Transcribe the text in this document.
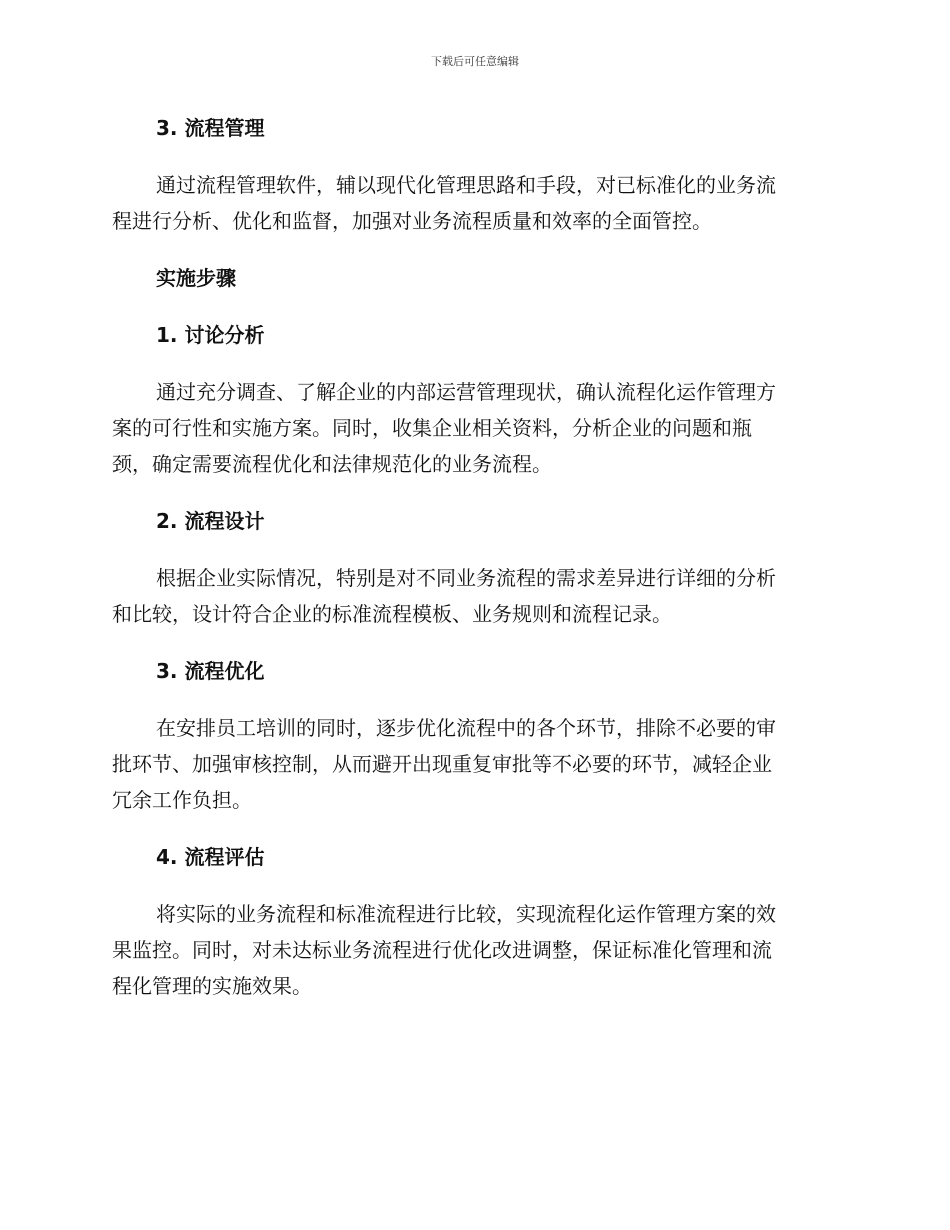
下载后可任意编辑
3. 流程管理
通过流程管理软件，辅以现代化管理思路和手段，对已标准化的业务流
程进行分析、优化和监督，加强对业务流程质量和效率的全面管控。
实施步骤
1. 讨论分析
通过充分调查、了解企业的内部运营管理现状，确认流程化运作管理方
案的可行性和实施方案。同时，收集企业相关资料，分析企业的问题和瓶
颈，确定需要流程优化和法律规范化的业务流程。
2. 流程设计
根据企业实际情况，特别是对不同业务流程的需求差异进行详细的分析
和比较，设计符合企业的标准流程模板、业务规则和流程记录。
3. 流程优化
在安排员工培训的同时，逐步优化流程中的各个环节，排除不必要的审
批环节、加强审核控制，从而避开出现重复审批等不必要的环节，减轻企业
冗余工作负担。
4. 流程评估
将实际的业务流程和标准流程进行比较，实现流程化运作管理方案的效
果监控。同时，对未达标业务流程进行优化改进调整，保证标准化管理和流
程化管理的实施效果。
